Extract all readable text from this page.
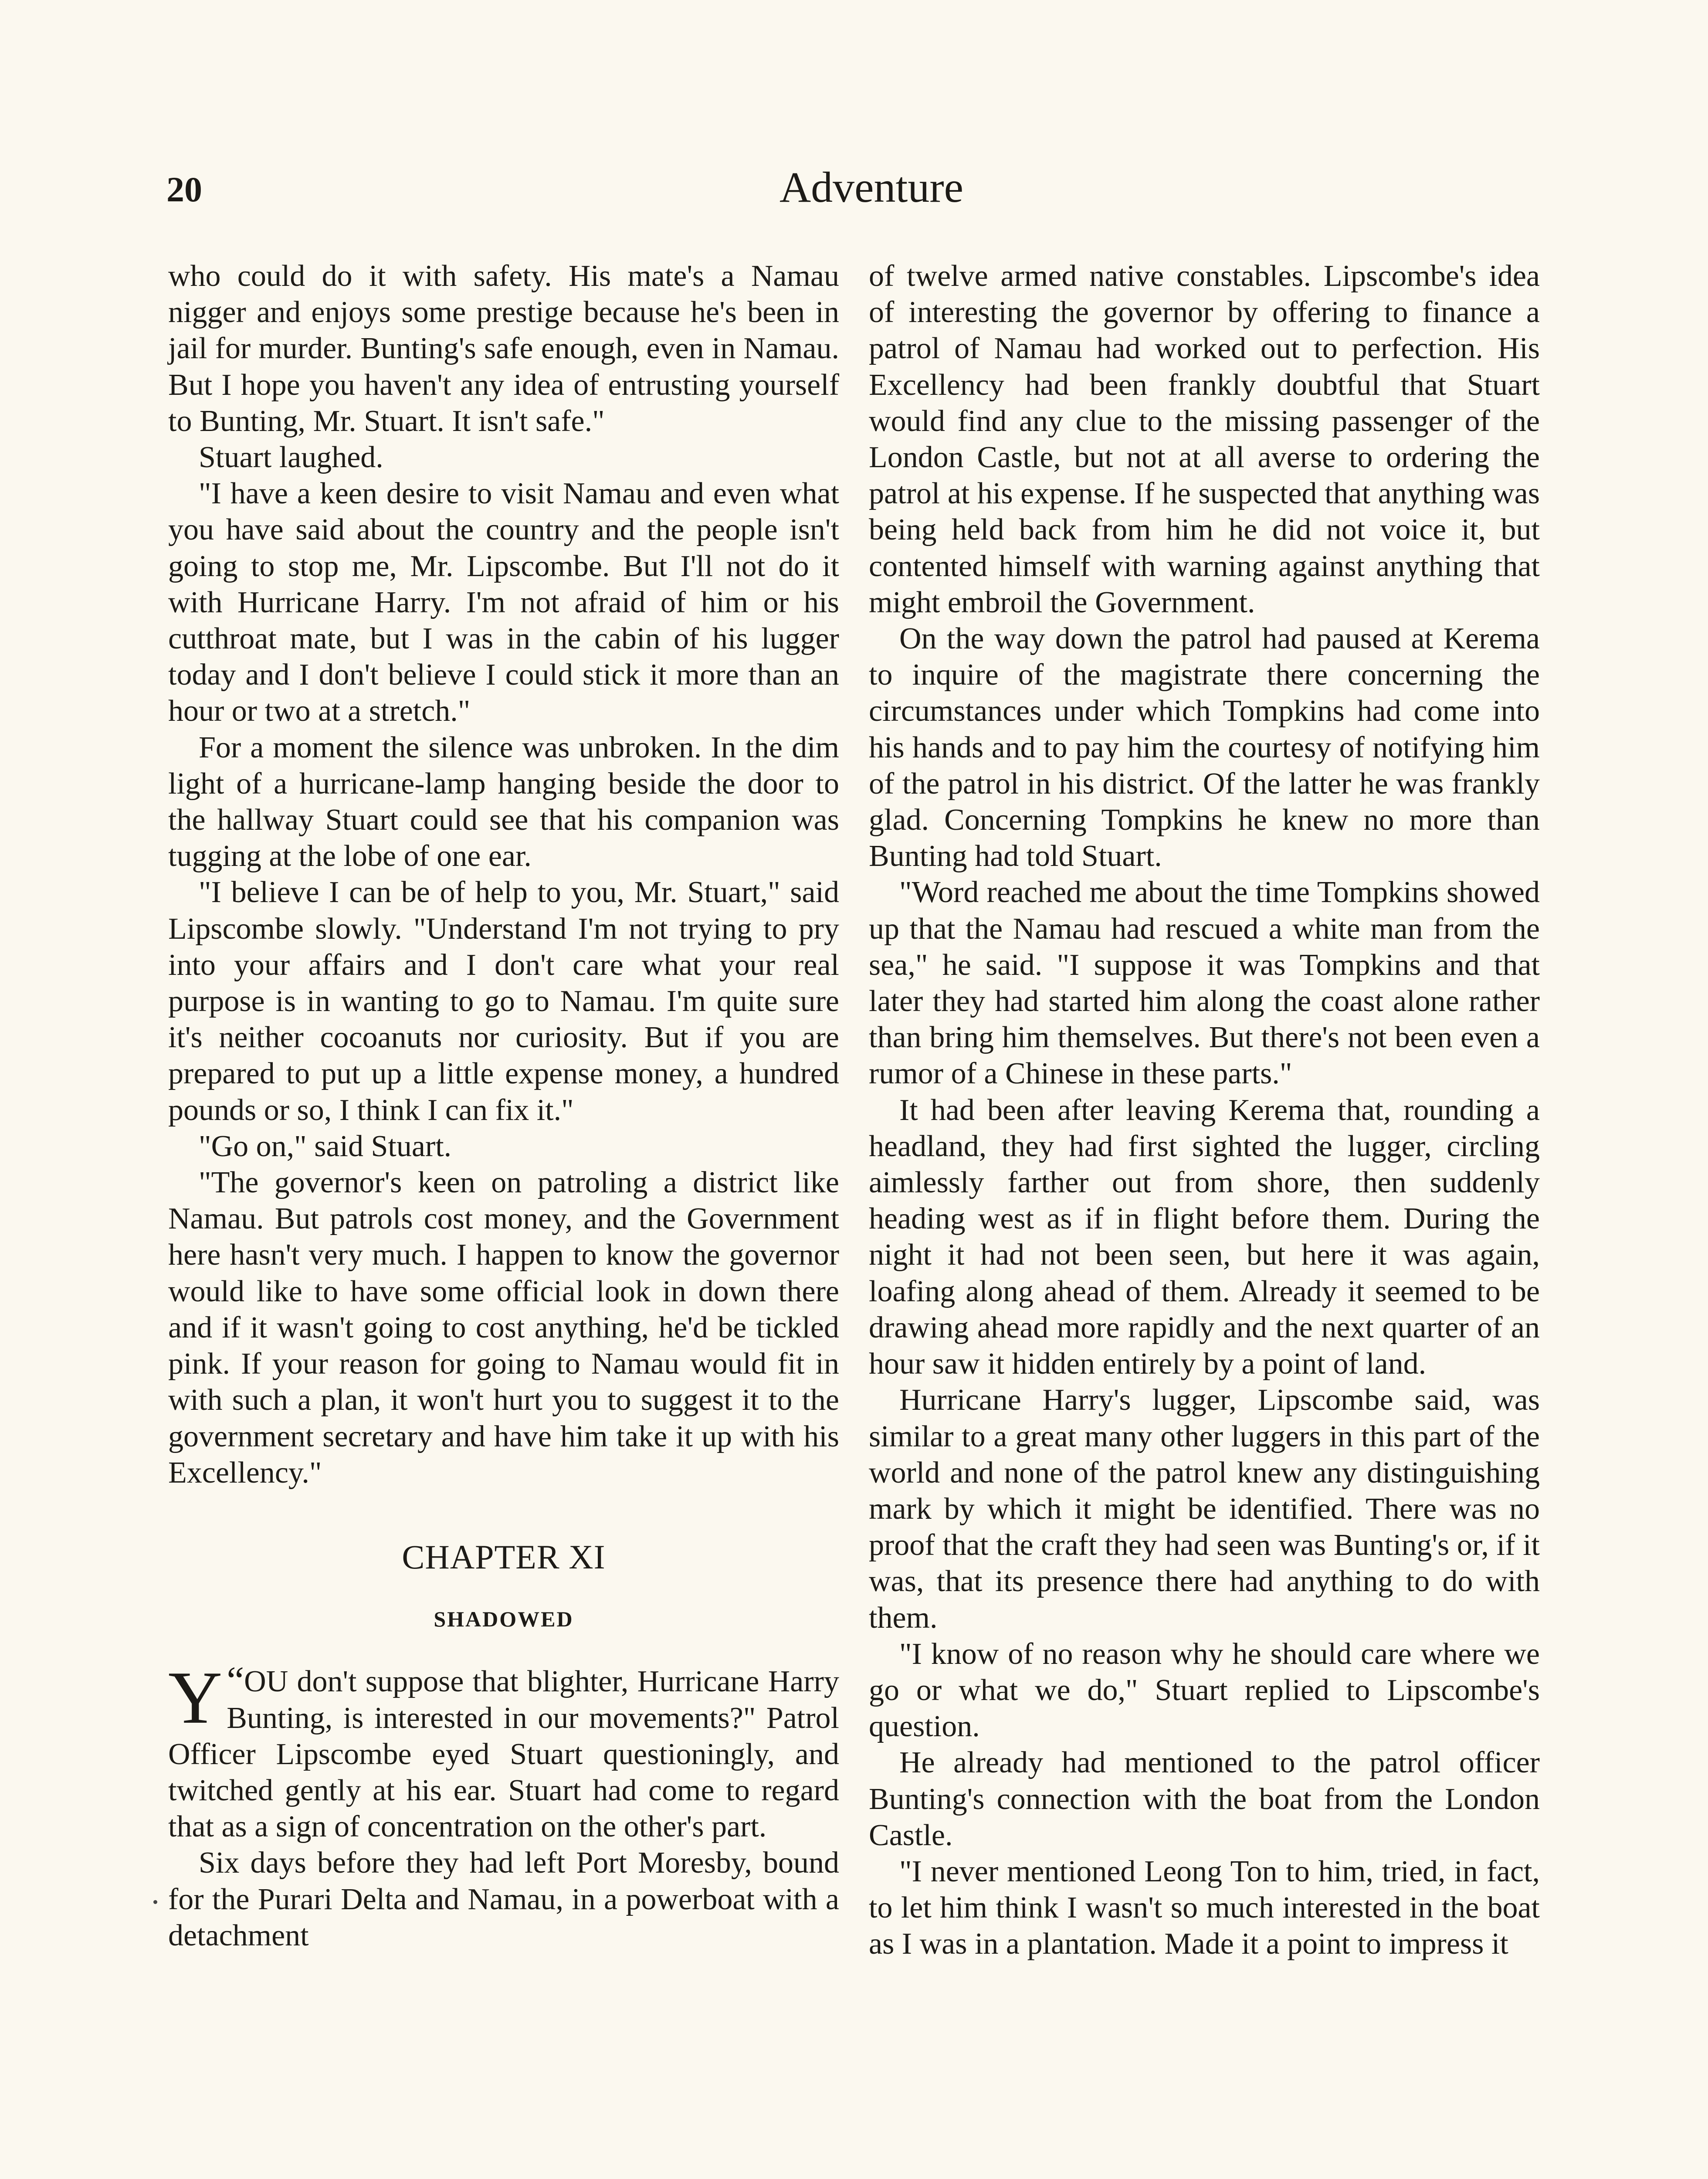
20	Adventure

who could do it with safety. His mate's a Namau nigger and enjoys some prestige because he's been in jail for murder. Bunting's safe enough, even in Namau. But I hope you haven't any idea of entrusting yourself to Bunting, Mr. Stuart. It isn't safe."

Stuart laughed.

"I have a keen desire to visit Namau and even what you have said about the country and the people isn't going to stop me, Mr. Lipscombe. But I'll not do it with Hurricane Harry. I'm not afraid of him or his cutthroat mate, but I was in the cabin of his lugger today and I don't believe I could stick it more than an hour or two at a stretch."

For a moment the silence was unbroken. In the dim light of a hurricane-lamp hanging beside the door to the hallway Stuart could see that his companion was tugging at the lobe of one ear.

"I believe I can be of help to you, Mr. Stuart," said Lipscombe slowly. "Understand I'm not trying to pry into your affairs and I don't care what your real purpose is in wanting to go to Namau. I'm quite sure it's neither cocoanuts nor curiosity. But if you are prepared to put up a little expense money, a hundred pounds or so, I think I can fix it."

"Go on," said Stuart.

"The governor's keen on patroling a district like Namau. But patrols cost money, and the Government here hasn't very much. I happen to know the governor would like to have some official look in down there and if it wasn't going to cost anything, he'd be tickled pink. If your reason for going to Namau would fit in with such a plan, it won't hurt you to suggest it to the government secretary and have him take it up with his Excellency."

CHAPTER XI
SHADOWED

“
Y OU don't suppose that blighter, Hurricane Harry Bunting, is interested in our movements?" Patrol Officer Lipscombe eyed Stuart questioningly, and twitched gently at his ear. Stuart had come to regard that as a sign of concentration on the other's part.

Six days before they had left Port Moresby, bound for the Purari Delta and Namau, in a powerboat with a detachment

of twelve armed native constables. Lipscombe's idea of interesting the governor by offering to finance a patrol of Namau had worked out to perfection. His Excellency had been frankly doubtful that Stuart would find any clue to the missing passenger of the London Castle, but not at all averse to ordering the patrol at his expense. If he suspected that anything was being held back from him he did not voice it, but contented himself with warning against anything that might embroil the Government.

On the way down the patrol had paused at Kerema to inquire of the magistrate there concerning the circumstances under which Tompkins had come into his hands and to pay him the courtesy of notifying him of the patrol in his district. Of the latter he was frankly glad. Concerning Tompkins he knew no more than Bunting had told Stuart.

"Word reached me about the time Tompkins showed up that the Namau had rescued a white man from the sea," he said. "I suppose it was Tompkins and that later they had started him along the coast alone rather than bring him themselves. But there's not been even a rumor of a Chinese in these parts."

It had been after leaving Kerema that, rounding a headland, they had first sighted the lugger, circling aimlessly farther out from shore, then suddenly heading west as if in flight before them. During the night it had not been seen, but here it was again, loafing along ahead of them. Already it seemed to be drawing ahead more rapidly and the next quarter of an hour saw it hidden entirely by a point of land.

Hurricane Harry's lugger, Lipscombe said, was similar to a great many other luggers in this part of the world and none of the patrol knew any distinguishing mark by which it might be identified. There was no proof that the craft they had seen was Bunting's or, if it was, that its presence there had anything to do with them.

"I know of no reason why he should care where we go or what we do," Stuart replied to Lipscombe's question.

He already had mentioned to the patrol officer Bunting's connection with the boat from the London Castle.

"I never mentioned Leong Ton to him, tried, in fact, to let him think I wasn't so much interested in the boat as I was in a plantation. Made it a point to impress it
